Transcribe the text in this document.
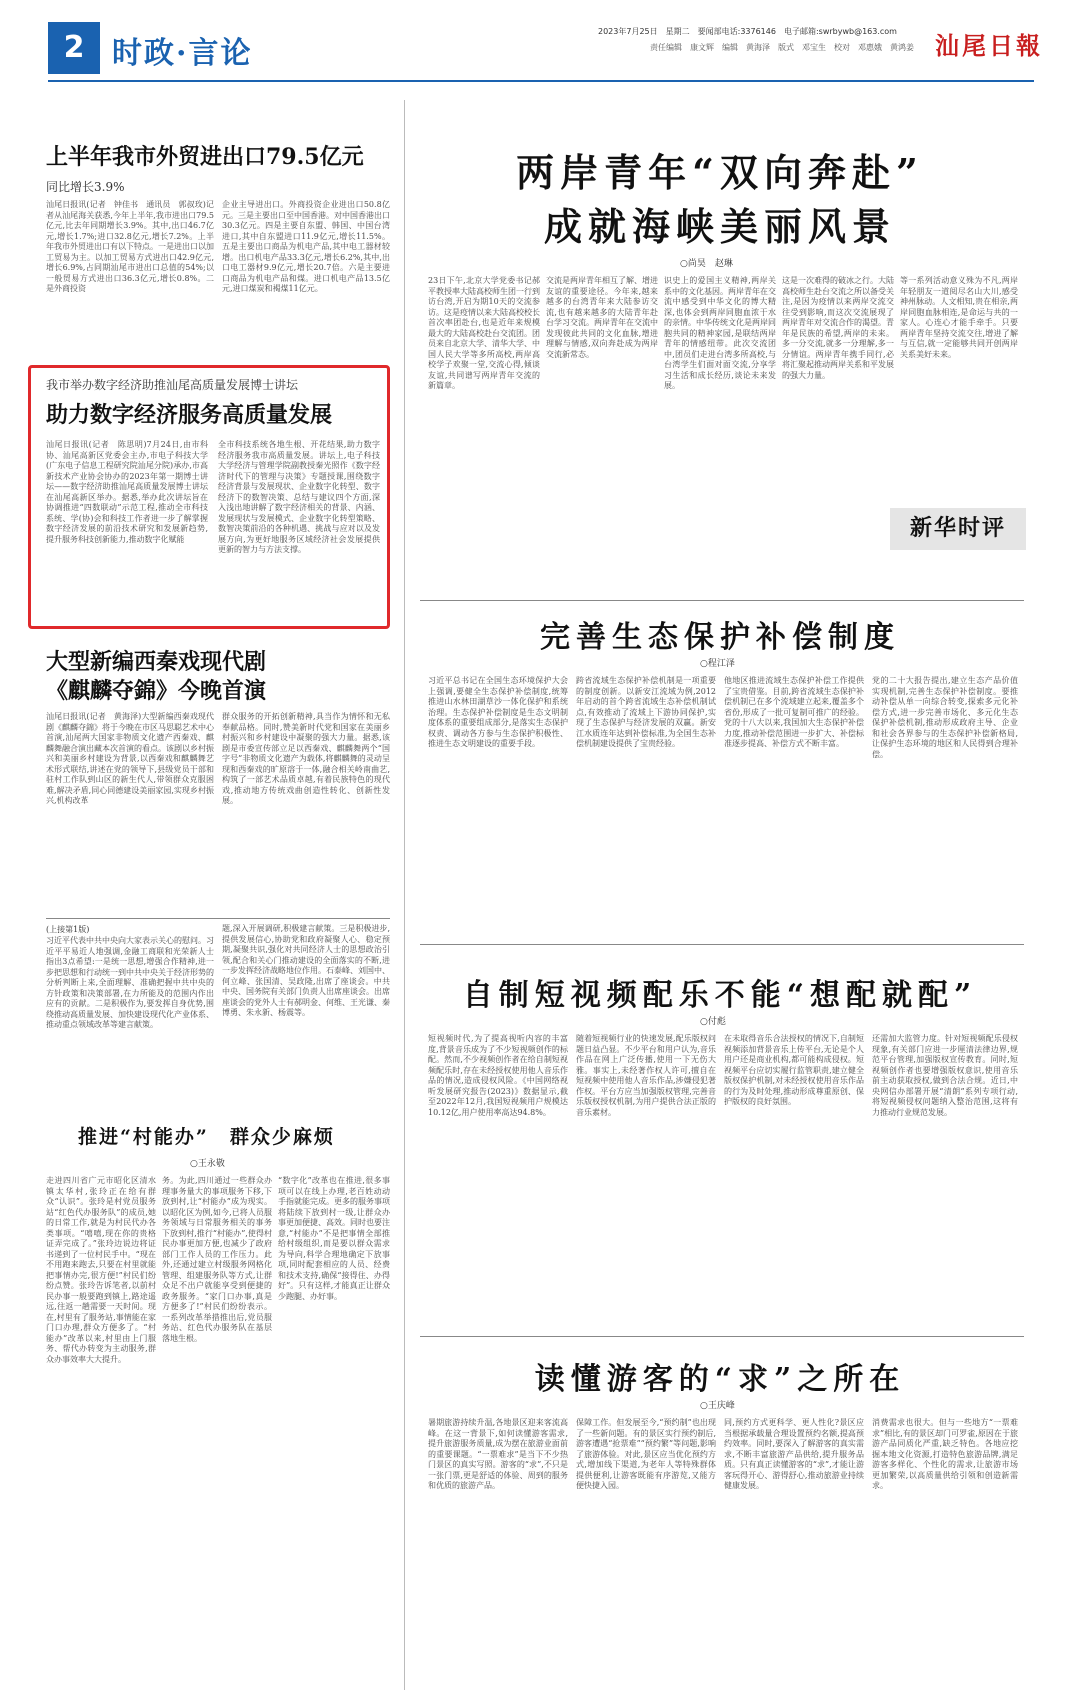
2 时政·言论
2023年7月25日　星期二　要闻部电话:3376146　电子邮箱:swrbywb@163.com
责任编辑　康文辉　编辑　黄海泽　版式　邓宝生　校对　邓惠娥　黄鸿姜 汕尾日報
上半年我市外贸进出口79.5亿元
同比增长3.9%
汕尾日报讯(记者　钟佳书　通讯员　郭叔玫)记者从汕尾海关获悉,今年上半年,我市进出口79.5亿元,比去年同期增长3.9%。其中,出口46.7亿元,增长1.7%;进口32.8亿元,增长7.2%。上半年我市外贸进出口有以下特点。一是进出口以加工贸易为主。以加工贸易方式进出口42.9亿元,增长6.9%,占同期汕尾市进出口总值的54%;以一般贸易方式进出口36.3亿元,增长0.8%。二是外商投资
企业主导进出口。外商投资企业进出口50.8亿元。三是主要出口至中国香港。对中国香港出口30.3亿元。四是主要自东盟、韩国、中国台湾进口,其中自东盟进口11.9亿元,增长11.5%。五是主要出口商品为机电产品,其中电工器材较增。出口机电产品33.3亿元,增长6.2%,其中,出口电工器材9.9亿元,增长20.7倍。六是主要进口商品为机电产品和煤。进口机电产品13.5亿元,进口煤炭和褐煤11亿元。
我市举办数字经济助推汕尾高质量发展博士讲坛
助力数字经济服务高质量发展
汕尾日报讯(记者　陈思明)7月24日,由市科协、汕尾高新区党委会主办,市电子科技大学(广东电子信息工程研究院汕尾分院)承办,市高新技术产业协会协办的2023年第一期博士讲坛——数字经济助推汕尾高质量发展博士讲坛在汕尾高新区举办。据悉,举办此次讲坛旨在协调推进“四数联动”示范工程,推动全市科技系统、学(协)会和科技工作者进一步了解掌握数字经济发展的前沿技术研究和发展新趋势,提升服务科技创新能力,推动数字化赋能
全市科技系统各地生根、开花结果,助力数字经济服务我市高质量发展。讲坛上,电子科技大学经济与管理学院副教授秦光照作《数字经济时代下的管理与决策》专题授课,围绕数字经济背景与发展现状、企业数字化转型、数字经济下的数智决策、总结与建议四个方面,深入浅出地讲解了数字经济相关的背景、内涵、发展现状与发展模式、企业数字化转型策略、数智决策前沿的各种机遇、挑战与应对以及发展方向,为更好地服务区域经济社会发展提供更新的智力与方法支撑。
大型新编西秦戏现代剧
《麒麟夺錦》今晚首演
汕尾日报讯(记者　黄海泽)大型新编西秦戏现代剧《麒麟夺錦》将于今晚在市区马思聪艺术中心首演,汕尾两大国家非物质文化遗产西秦戏、麒麟舞融合演出藏本次首演的看点。该剧以乡村振兴和美丽乡村建设为背景,以西秦戏和麒麟舞艺术形式联结,讲述在党的领导下,县级党员干部和驻村工作队到山区的新生代人,带领群众克服困难,解决矛盾,同心同德建设美丽家园,实现乡村振兴,机构改革
群众服务的开拓创新精神,具当作为情怀和无私奉献品格。同时,赞美新时代党和国家在美丽乡村振兴和乡村建设中凝聚的强大力量。据悉,该剧是市委宣传部立足以西秦戏、麒麟舞两个“国字号”非物质文化遗产为载体,将麒麟舞的灵动呈现和西秦戏的旷原溶于一体,融合相关岭南曲艺,构筑了一部艺术品质卓越,有着民族特色的现代戏,推动地方传统戏曲创造性转化、创新性发展。
(上接第1版)
习近平代表中共中央向大家表示关心的慰问。习近平平易近人地强调,金融工商联和光荣新人士指出3点希望:一是统一思想,增强合作精神,进一步把思想和行动统一到中共中央关于经济形势的分析判断上来,全面理解、准确把握中共中央的方针政策和决策部署,在力所能及的范围内作出应有的贡献。二是积极作为,要发挥自身优势,围绕推动高质量发展、加快建设现代化产业体系、推动重点领域改革等建言献策。
题,深入开展调研,积极建言献策。三是积极进步,提供发展信心,协助党和政府凝聚人心、稳定预期,凝聚共识,强化对共同经济人士的思想政治引领,配合和关心门推动建设的全面落实的不断,进一步发挥经济战略地位作用。石泰峰、刘国中、何立峰、张国清、吴政隆,出席了座谈会。中共中央、国务院有关部门负责人出席座谈会。出席座谈会的党外人士有郝明金、何维、王光谦、秦博勇、朱永新、杨震等。
推进“村能办”　群众少麻烦
○王永敬
走进四川省广元市昭化区清水镇太华村,张玲正在给有群众“认识”。张玲是村党员服务站“红色代办服务队”的成员,她的日常工作,就是为村民代办各类事项。“嘻嘻,现在你的贵格证弄完成了。”张玲边说边将证书递到了一位村民手中。“现在不用跑来跑去,只要在村里就能把事情办完,很方便!”村民们纷纷点赞。张玲告诉笔者,以前村民办事一般要跑到镇上,路途遥远,往返一趟需要一天时间。现在,村里有了服务站,事情能在家门口办理,群众方便多了。“村能办”改革以来,村里由上门服务、帮代办转变为主动服务,群众办事效率大大提升。
务。为此,四川通过一些群众办理事务量大的事项服务下移,下放到村,让“村能办”成为现实。以昭化区为例,如今,已将人员服务领域与日常服务相关的事务下放到村,推行“村能办”,使得村民办事更加方便,也减少了政府部门工作人员的工作压力。此外,还通过建立村级服务网格化管理、组建服务队等方式,让群众足不出户就能享受到便捷的政务服务。“家门口办事,真是方便多了!”村民们纷纷表示。一系列改革举措推出后,党员服务站、红色代办服务队在基层落地生根。
“数字化”改革也在推进,很多事项可以在线上办理,老百姓动动手指就能完成。更多的服务事项将陆续下放到村一级,让群众办事更加便捷、高效。同时也要注意,“村能办”不是把事情全部推给村级组织,而是要以群众需求为导向,科学合理地确定下放事项,同时配套相应的人员、经费和技术支持,确保“接得住、办得好”。只有这样,才能真正让群众少跑腿、办好事。
两岸青年“双向奔赴”
成就海峡美丽风景
○尚昊　赵琳
23日下午,北京大学党委书记郝平教授率大陆高校师生团一行到访台湾,开启为期10天的交流参访。这是疫情以来大陆高校校长首次率团赴台,也是近年来规模最大的大陆高校赴台交流团。团员来自北京大学、清华大学、中国人民大学等多所高校,两岸高校学子欢聚一堂,交流心得,倾谈友谊,共同谱写两岸青年交流的新篇章。
交流是两岸青年相互了解、增进友谊的重要途径。今年来,越来越多的台湾青年来大陆参访交流,也有越来越多的大陆青年赴台学习交流。两岸青年在交流中发现彼此共同的文化血脉,增进理解与情感,双向奔赴成为两岸交流新常态。
识史上的爱国主义精神,两岸关系中的文化基因。两岸青年在交流中感受到中华文化的博大精深,也体会到两岸同胞血浓于水的亲情。中华传统文化是两岸同胞共同的精神家园,是联结两岸青年的情感纽带。此次交流团中,团员们走进台湾多所高校,与台湾学生们面对面交流,分享学习生活和成长经历,谈论未来发展。
这是一次难得的破冰之行。大陆高校师生赴台交流之所以备受关注,是因为疫情以来两岸交流交往受到影响,而这次交流展现了两岸青年对交流合作的渴望。青年是民族的希望,两岸的未来。多一分交流,就多一分理解,多一分情谊。两岸青年携手同行,必将汇聚起推动两岸关系和平发展的强大力量。
等一系列活动意义殊为不凡,两岸年轻朋友一道阅尽名山大川,感受神州脉动。人文相知,贵在相亲,两岸同胞血脉相连,是命运与共的一家人。心连心才能手牵手。只要两岸青年坚持交流交往,增进了解与互信,就一定能够共同开创两岸关系美好未来。
新华时评
完善生态保护补偿制度
○程江泽
习近平总书记在全国生态环境保护大会上强调,要健全生态保护补偿制度,统筹推进山水林田湖草沙一体化保护和系统治理。生态保护补偿制度是生态文明制度体系的重要组成部分,是落实生态保护权责、调动各方参与生态保护积极性、推进生态文明建设的重要手段。
跨省流域生态保护补偿机制是一项重要的制度创新。以新安江流域为例,2012年启动的首个跨省流域生态补偿机制试点,有效推动了流域上下游协同保护,实现了生态保护与经济发展的双赢。新安江水质连年达到补偿标准,为全国生态补偿机制建设提供了宝贵经验。
他地区推进流域生态保护补偿工作提供了宝贵借鉴。目前,跨省流域生态保护补偿机制已在多个流域建立起来,覆盖多个省份,形成了一批可复制可推广的经验。党的十八大以来,我国加大生态保护补偿力度,推动补偿范围进一步扩大、补偿标准逐步提高、补偿方式不断丰富。
党的二十大报告提出,建立生态产品价值实现机制,完善生态保护补偿制度。要推动补偿从单一向综合转变,探索多元化补偿方式,进一步完善市场化、多元化生态保护补偿机制,推动形成政府主导、企业和社会各界参与的生态保护补偿新格局,让保护生态环境的地区和人民得到合理补偿。
自制短视频配乐不能“想配就配”
○付彪
短视频时代,为了提高视听内容的丰富度,背景音乐成为了不少短视频创作的标配。然而,不少视频创作者在给自制短视频配乐时,存在未经授权使用他人音乐作品的情况,造成侵权风险。《中国网络视听发展研究报告(2023)》数据显示,截至2022年12月,我国短视频用户规模达10.12亿,用户使用率高达94.8%。
随着短视频行业的快速发展,配乐版权问题日益凸显。不少平台和用户认为,音乐作品在网上广泛传播,使用一下无伤大雅。事实上,未经著作权人许可,擅自在短视频中使用他人音乐作品,涉嫌侵犯著作权。平台方应当加强版权管理,完善音乐版权授权机制,为用户提供合法正版的音乐素材。
在未取得音乐合法授权的情况下,自制短视频添加背景音乐上传平台,无论是个人用户还是商业机构,都可能构成侵权。短视频平台应切实履行监管职责,建立健全版权保护机制,对未经授权使用音乐作品的行为及时处理,推动形成尊重原创、保护版权的良好氛围。
还需加大监管力度。针对短视频配乐侵权现象,有关部门应进一步厘清法律边界,规范平台管理,加强版权宣传教育。同时,短视频创作者也要增强版权意识,使用音乐前主动获取授权,做到合法合规。近日,中央网信办部署开展“清朗”系列专项行动,将短视频侵权问题纳入整治范围,这将有力推动行业规范发展。
读懂游客的“求”之所在
○王庆峰
暑期旅游持续升温,各地景区迎来客流高峰。在这一背景下,如何读懂游客需求,提升旅游服务质量,成为摆在旅游业面前的重要课题。“一票难求”是当下不少热门景区的真实写照。游客的“求”,不只是一张门票,更是舒适的体验、周到的服务和优质的旅游产品。
保障工作。但发展至今,“预约制”也出现了一些新问题。有的景区实行预约制后,游客遭遇“抢票难”“预约繁”等问题,影响了旅游体验。对此,景区应当优化预约方式,增加线下渠道,为老年人等特殊群体提供便利,让游客既能有序游览,又能方便快捷入园。
同,预约方式更科学、更人性化?景区应当根据承载量合理设置预约名额,提高预约效率。同时,要深入了解游客的真实需求,不断丰富旅游产品供给,提升服务品质。只有真正读懂游客的“求”,才能让游客玩得开心、游得舒心,推动旅游业持续健康发展。
消费需求也很大。但与一些地方“一票难求”相比,有的景区却门可罗雀,原因在于旅游产品同质化严重,缺乏特色。各地应挖掘本地文化资源,打造特色旅游品牌,满足游客多样化、个性化的需求,让旅游市场更加繁荣,以高质量供给引领和创造新需求。
